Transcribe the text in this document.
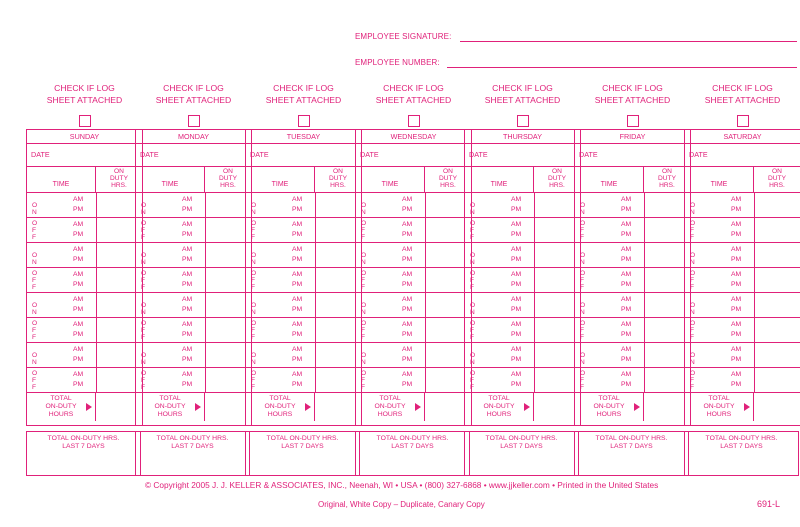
EMPLOYEE SIGNATURE:
EMPLOYEE NUMBER:
CHECK IF LOG
SHEET ATTACHED
SUNDAY
DATE
TIME
ON
DUTY
HRS.
O
N
AM
PM
O
F
F
AM
PM
O
N
AM
PM
O
F
F
AM
PM
O
N
AM
PM
O
F
F
AM
PM
O
N
AM
PM
O
F
F
AM
PM
TOTAL
ON-DUTY
HOURS
TOTAL ON-DUTY HRS.
LAST 7 DAYS
CHECK IF LOG
SHEET ATTACHED
MONDAY
DATE
TIME
ON
DUTY
HRS.
O
N
AM
PM
O
F
F
AM
PM
O
N
AM
PM
O
F
F
AM
PM
O
N
AM
PM
O
F
F
AM
PM
O
N
AM
PM
O
F
F
AM
PM
TOTAL
ON-DUTY
HOURS
TOTAL ON-DUTY HRS.
LAST 7 DAYS
CHECK IF LOG
SHEET ATTACHED
TUESDAY
DATE
TIME
ON
DUTY
HRS.
O
N
AM
PM
O
F
F
AM
PM
O
N
AM
PM
O
F
F
AM
PM
O
N
AM
PM
O
F
F
AM
PM
O
N
AM
PM
O
F
F
AM
PM
TOTAL
ON-DUTY
HOURS
TOTAL ON-DUTY HRS.
LAST 7 DAYS
CHECK IF LOG
SHEET ATTACHED
WEDNESDAY
DATE
TIME
ON
DUTY
HRS.
O
N
AM
PM
O
F
F
AM
PM
O
N
AM
PM
O
F
F
AM
PM
O
N
AM
PM
O
F
F
AM
PM
O
N
AM
PM
O
F
F
AM
PM
TOTAL
ON-DUTY
HOURS
TOTAL ON-DUTY HRS.
LAST 7 DAYS
CHECK IF LOG
SHEET ATTACHED
THURSDAY
DATE
TIME
ON
DUTY
HRS.
O
N
AM
PM
O
F
F
AM
PM
O
N
AM
PM
O
F
F
AM
PM
O
N
AM
PM
O
F
F
AM
PM
O
N
AM
PM
O
F
F
AM
PM
TOTAL
ON-DUTY
HOURS
TOTAL ON-DUTY HRS.
LAST 7 DAYS
CHECK IF LOG
SHEET ATTACHED
FRIDAY
DATE
TIME
ON
DUTY
HRS.
O
N
AM
PM
O
F
F
AM
PM
O
N
AM
PM
O
F
F
AM
PM
O
N
AM
PM
O
F
F
AM
PM
O
N
AM
PM
O
F
F
AM
PM
TOTAL
ON-DUTY
HOURS
TOTAL ON-DUTY HRS.
LAST 7 DAYS
CHECK IF LOG
SHEET ATTACHED
SATURDAY
DATE
TIME
ON
DUTY
HRS.
O
N
AM
PM
O
F
F
AM
PM
O
N
AM
PM
O
F
F
AM
PM
O
N
AM
PM
O
F
F
AM
PM
O
N
AM
PM
O
F
F
AM
PM
TOTAL
ON-DUTY
HOURS
TOTAL ON-DUTY HRS.
LAST 7 DAYS
© Copyright 2005 J. J. KELLER & ASSOCIATES, INC., Neenah, WI • USA • (800) 327-6868 • www.jjkeller.com • Printed in the United States
Original, White Copy – Duplicate, Canary Copy	691-L
